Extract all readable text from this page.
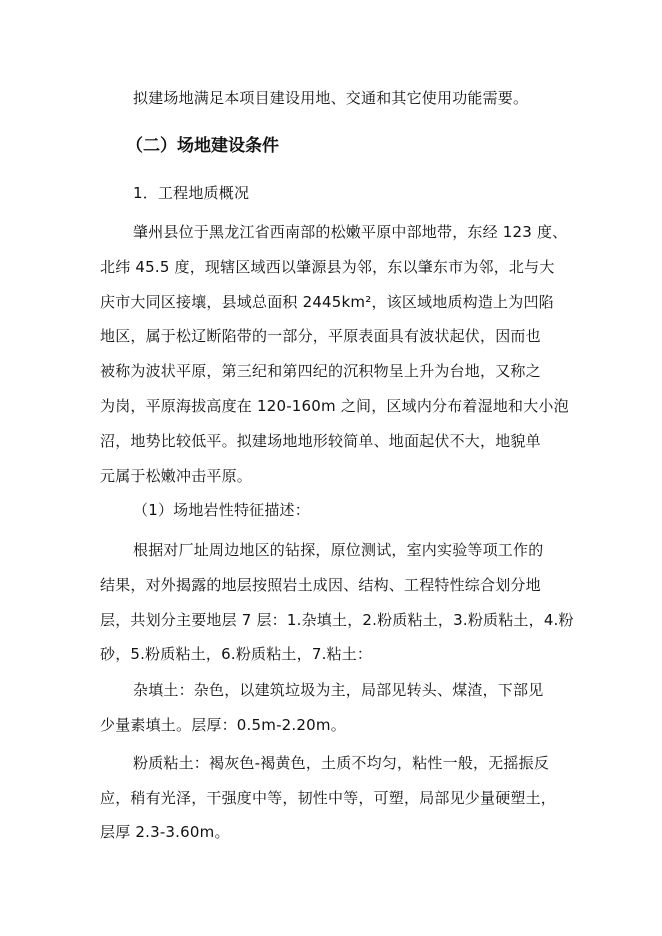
拟建场地满足本项目建设用地、交通和其它使用功能需要。
（二）场地建设条件
1．工程地质概况
肇州县位于黑龙江省西南部的松嫩平原中部地带，东经 123 度、
北纬 45.5 度，现辖区域西以肇源县为邻，东以肇东市为邻，北与大
庆市大同区接壤，县域总面积 2445km²，该区域地质构造上为凹陷
地区，属于松辽断陷带的一部分，平原表面具有波状起伏，因而也
被称为波状平原，第三纪和第四纪的沉积物呈上升为台地，又称之
为岗，平原海拔高度在 120-160m 之间，区域内分布着湿地和大小泡
沼，地势比较低平。拟建场地地形较简单、地面起伏不大，地貌单
元属于松嫩冲击平原。
（1）场地岩性特征描述：
根据对厂址周边地区的钻探，原位测试，室内实验等项工作的
结果，对外揭露的地层按照岩土成因、结构、工程特性综合划分地
层，共划分主要地层 7 层：1.杂填土，2.粉质粘土，3.粉质粘土，4.粉
砂，5.粉质粘土，6.粉质粘土，7.粘土：
杂填土：杂色，以建筑垃圾为主，局部见转头、煤渣，下部见
少量素填土。层厚：0.5m-2.20m。
粉质粘土：褐灰色-褐黄色，土质不均匀，粘性一般，无摇振反
应，稍有光泽，干强度中等，韧性中等，可塑，局部见少量硬塑土，
层厚 2.3-3.60m。
